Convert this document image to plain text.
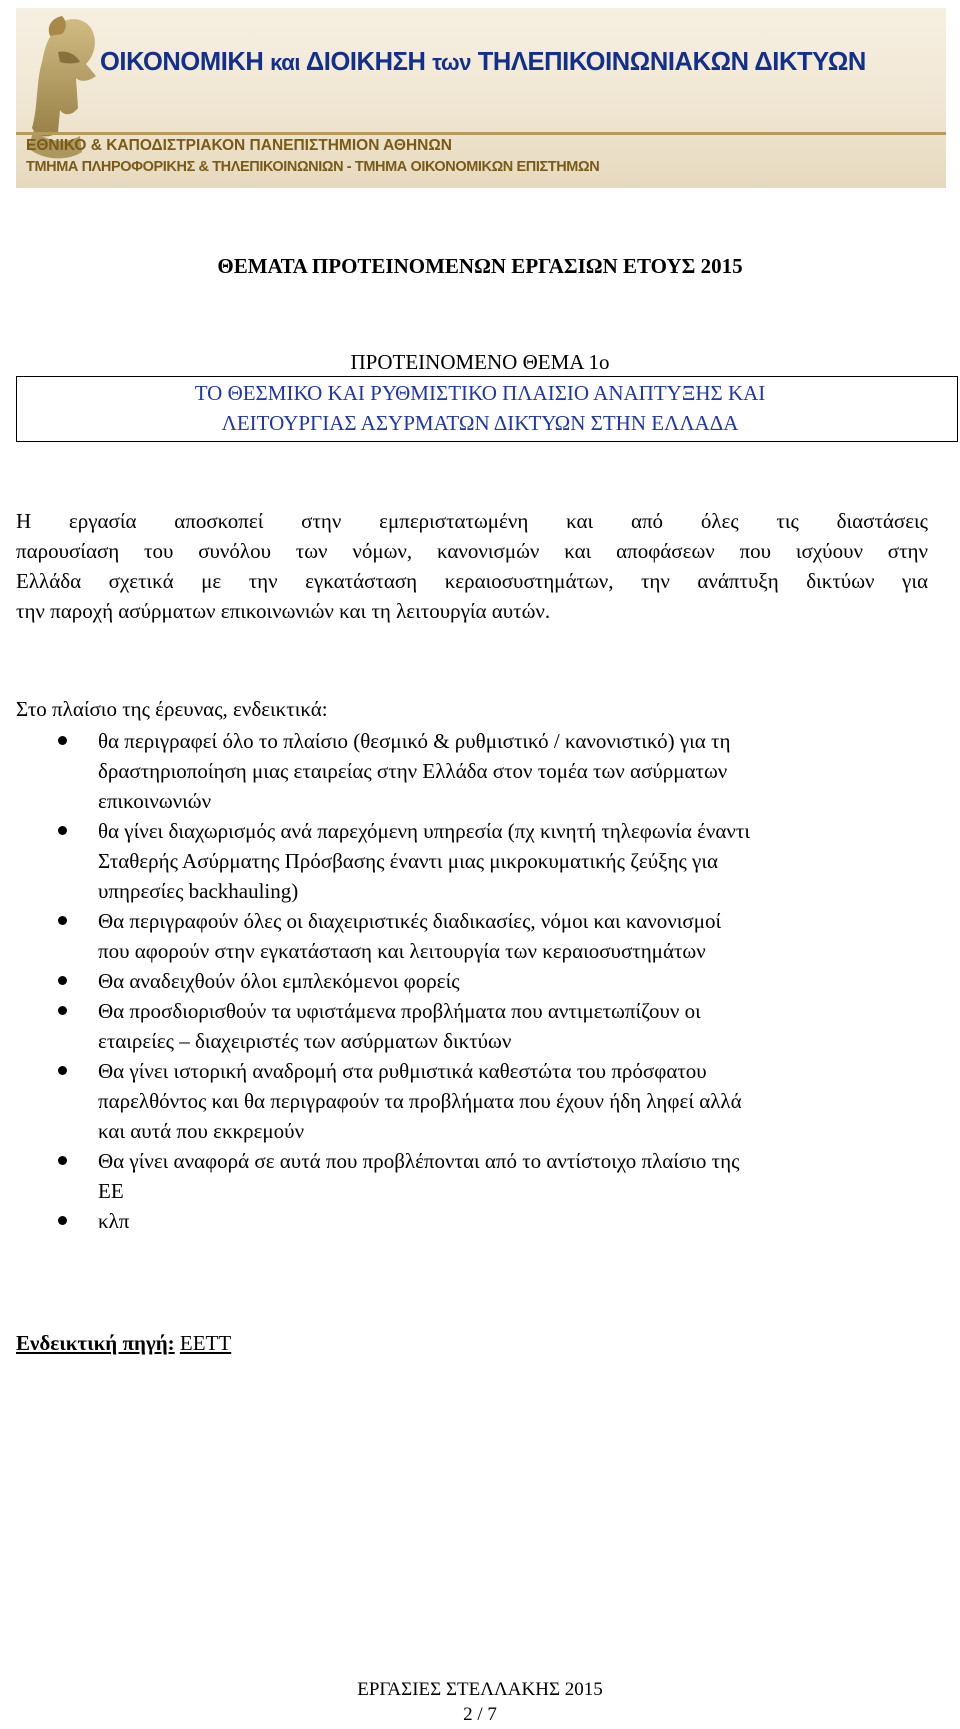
ΟΙΚΟΝΟΜΙΚΗ και ΔΙΟΙΚΗΣΗ των ΤΗΛΕΠΙΚΟΙΝΩΝΙΑΚΩΝ ΔΙΚΤΥΩΝ
ΕΘΝΙΚΟ & ΚΑΠΟΔΙΣΤΡΙΑΚΟΝ ΠΑΝΕΠΙΣΤΗΜΙΟΝ ΑΘΗΝΩΝ
ΤΜΗΜΑ ΠΛΗΡΟΦΟΡΙΚΗΣ & ΤΗΛΕΠΙΚΟΙΝΩΝΙΩΝ - ΤΜΗΜΑ ΟΙΚΟΝΟΜΙΚΩΝ ΕΠΙΣΤΗΜΩΝ
ΘΕΜΑΤΑ ΠΡΟΤΕΙΝΟΜΕΝΩΝ ΕΡΓΑΣΙΩΝ ΕΤΟΥΣ 2015
ΠΡΟΤΕΙΝΟΜΕΝΟ ΘΕΜΑ 1ο
ΤΟ ΘΕΣΜΙΚΟ ΚΑΙ ΡΥΘΜΙΣΤΙΚΟ ΠΛΑΙΣΙΟ ΑΝΑΠΤΥΞΗΣ ΚΑΙ
ΛΕΙΤΟΥΡΓΙΑΣ ΑΣΥΡΜΑΤΩΝ ΔΙΚΤΥΩΝ ΣΤΗΝ ΕΛΛΑΔΑ
Η εργασία αποσκοπεί στην εμπεριστατωμένη και από όλες τις διαστάσεις
παρουσίαση του συνόλου των νόμων, κανονισμών και αποφάσεων που ισχύουν στην
Ελλάδα σχετικά με την εγκατάσταση κεραιοσυστημάτων, την ανάπτυξη δικτύων για
την παροχή ασύρματων επικοινωνιών και τη λειτουργία αυτών.
Στο πλαίσιο της έρευνας, ενδεικτικά:
θα περιγραφεί όλο το πλαίσιο (θεσμικό & ρυθμιστικό / κανονιστικό) για τη
δραστηριοποίηση μιας εταιρείας στην Ελλάδα στον τομέα των ασύρματων
επικοινωνιών
θα γίνει διαχωρισμός ανά παρεχόμενη υπηρεσία (πχ κινητή τηλεφωνία έναντι
Σταθερής Ασύρματης Πρόσβασης έναντι μιας μικροκυματικής ζεύξης για
υπηρεσίες backhauling)
Θα περιγραφούν όλες οι διαχειριστικές διαδικασίες, νόμοι και κανονισμοί
που αφορούν στην εγκατάσταση και λειτουργία των κεραιοσυστημάτων
Θα αναδειχθούν όλοι εμπλεκόμενοι φορείς
Θα προσδιορισθούν τα υφιστάμενα προβλήματα που αντιμετωπίζουν οι
εταιρείες – διαχειριστές των ασύρματων δικτύων
Θα γίνει ιστορική αναδρομή στα ρυθμιστικά καθεστώτα του πρόσφατου
παρελθόντος και θα περιγραφούν τα προβλήματα που έχουν ήδη λ​ηφεί αλλά
και αυτά που εκκρεμούν
Θα γίνει αναφορά σε αυτά που προβλέπονται από το αντίστοιχο πλαίσιο της
ΕΕ
κλπ
Ενδεικτική πηγή: ΕΕΤΤ
ΕΡΓΑΣΙΕΣ ΣΤΕΛΛΑΚΗΣ 2015
2 / 7
